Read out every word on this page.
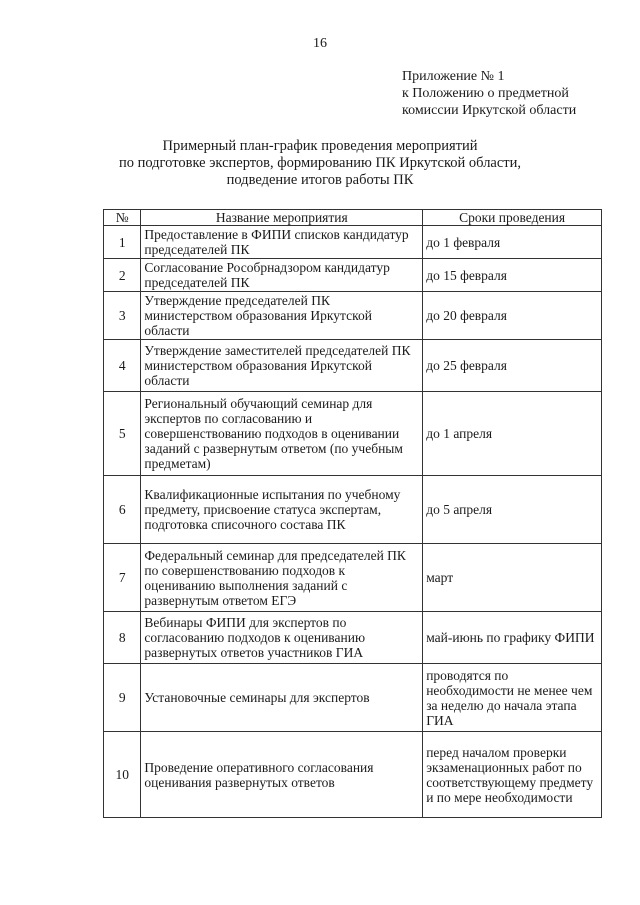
16
Приложение № 1
к Положению о предметной
комиссии Иркутской области
Примерный план-график проведения мероприятий
по подготовке экспертов, формированию ПК Иркутской области,
подведение итогов работы ПК
№	Название мероприятия	Сроки проведения
1	Предоставление в ФИПИ списков кандидатур председателей ПК	до 1 февраля
2	Согласование Рособрнадзором кандидатур председателей ПК	до 15 февраля
3	Утверждение председателей ПК министерством образования Иркутской области	до 20 февраля
4	Утверждение заместителей председателей ПК министерством образования Иркутской области	до 25 февраля
5	Региональный обучающий семинар для экспертов по согласованию и совершенствованию подходов в оценивании заданий с развернутым ответом (по учебным предметам)	до 1 апреля
6	Квалификационные испытания по учебному предмету, присвоение статуса экспертам, подготовка списочного состава ПК	до 5 апреля
7	Федеральный семинар для председателей ПК по совершенствованию подходов к оцениванию выполнения заданий с развернутым ответом ЕГЭ	март
8	Вебинары ФИПИ для экспертов по согласованию подходов к оцениванию развернутых ответов участников ГИА	май-июнь по графику ФИПИ
9	Установочные семинары для экспертов	проводятся по необходимости не менее чем за неделю до начала этапа ГИА
10	Проведение оперативного согласования оценивания развернутых ответов	перед началом проверки экзаменационных работ по соответствующему предмету и по мере необходимости
